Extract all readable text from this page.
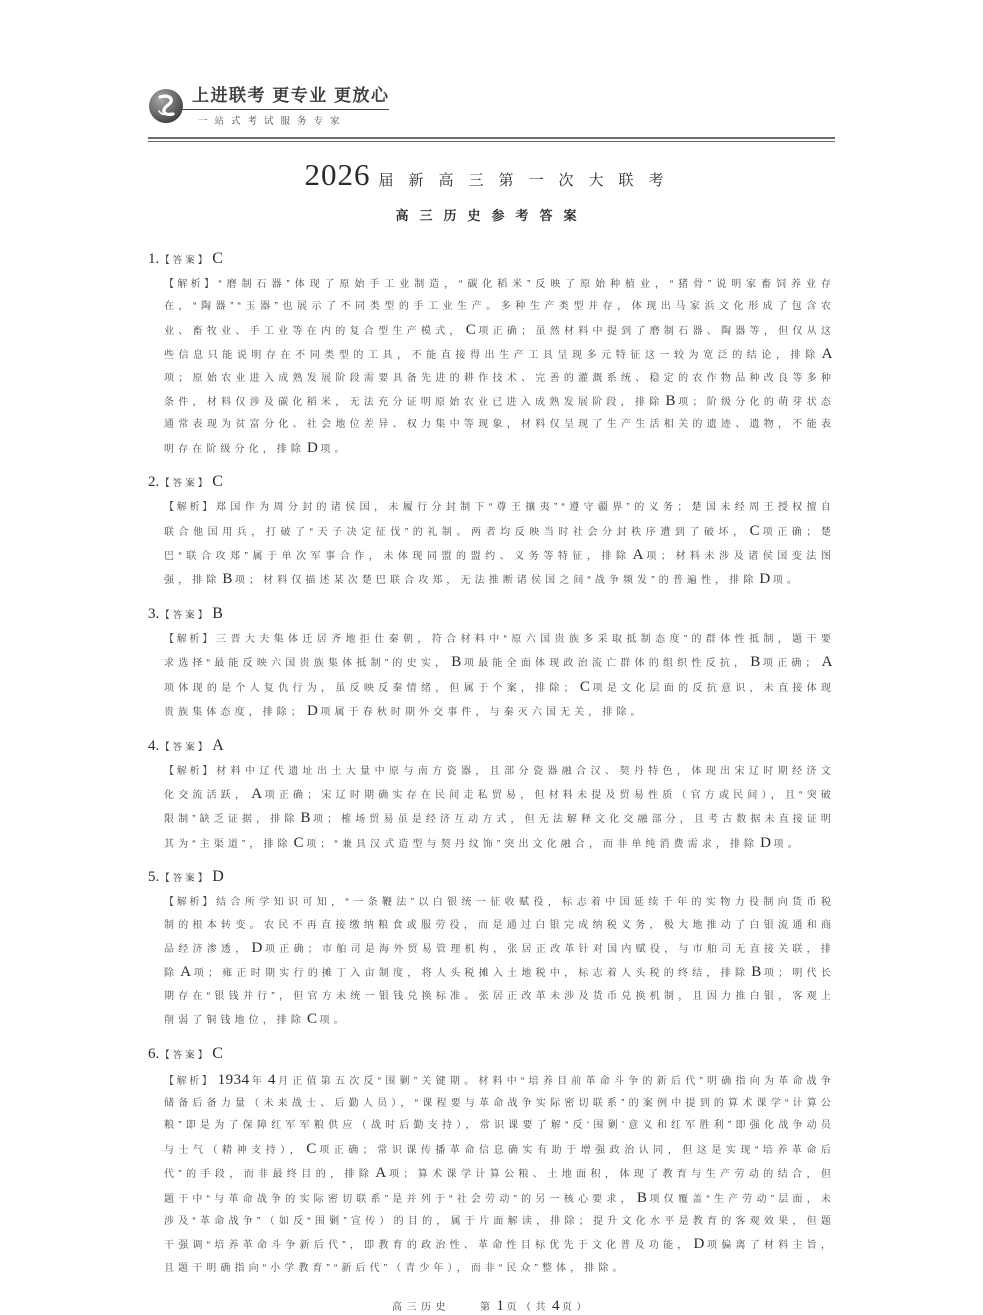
上进联考 更专业 更放心
一站式考试服务专家
2026 届新高三第一次大联考
高三历史参考答案
1. 【答案】 C

【解析】“磨制石器”体现了原始手工业制造，“碳化稻米”反映了原始种植业，“猪骨”说明家畜饲养业存在，“陶器”“玉器”也展示了不同类型的手工业生产。多种生产类型并存，体现出马家浜文化形成了包含农业、畜牧业、手工业等在内的复合型生产模式， C 项正确；虽然材料中提到了磨制石器、陶器等，但仅从这些信息只能说明存在不同类型的工具，不能直接得出生产工具呈现多元特征这一较为宽泛的结论，排除 A项；原始农业进入成熟发展阶段需要具备先进的耕作技术、完善的灌溉系统、稳定的农作物品种改良等多种条件，材料仅涉及碳化稻米，无法充分证明原始农业已进入成熟发展阶段，排除 B 项；阶级分化的萌芽状态通常表现为贫富分化、社会地位差异、权力集中等现象，材料仅呈现了生产生活相关的遗迹、遗物，不能表明存在阶级分化，排除 D 项。

2. 【答案】 C

【解析】郑国作为周分封的诸侯国，未履行分封制下“尊王攘夷”“遵守疆界”的义务；楚国未经周王授权擅自联合他国用兵，打破了“天子决定征伐”的礼制。两者均反映当时社会分封秩序遭到了破坏， C 项正确；楚巴“联合攻郑”属于单次军事合作，未体现同盟的盟约、义务等特征，排除 A 项；材料未涉及诸侯国变法图强，排除 B 项；材料仅描述某次楚巴联合攻郑，无法推断诸侯国之间“战争频发”的普遍性，排除 D 项。

3. 【答案】 B

【解析】三晋大夫集体迁居齐地拒仕秦朝，符合材料中“原六国贵族多采取抵制态度”的群体性抵制，题干要求选择“最能反映六国贵族集体抵制”的史实， B 项最能全面体现政治流亡群体的组织性反抗， B 项正确； A项体现的是个人复仇行为，虽反映反秦情绪，但属于个案，排除； C 项是文化层面的反抗意识，未直接体现贵族集体态度，排除； D 项属于春秋时期外交事件，与秦灭六国无关，排除。

4. 【答案】 A

【解析】材料中辽代遗址出土大量中原与南方瓷器，且部分瓷器融合汉、契丹特色，体现出宋辽时期经济文化交流活跃， A 项正确；宋辽时期确实存在民间走私贸易，但材料未提及贸易性质（官方或民间），且“突破限制”缺乏证据，排除 B 项；榷场贸易虽是经济互动方式，但无法解释文化交融部分，且考古数据未直接证明其为“主渠道”，排除 C 项；“兼具汉式造型与契丹纹饰”突出文化融合，而非单纯消费需求，排除 D 项。

5. 【答案】 D

【解析】结合所学知识可知，“一条鞭法”以白银统一征收赋役，标志着中国延续千年的实物力役制向货币税制的根本转变。农民不再直接缴纳粮食或服劳役，而是通过白银完成纳税义务，极大地推动了白银流通和商品经济渗透， D 项正确；市舶司是海外贸易管理机构，张居正改革针对国内赋役，与市舶司无直接关联，排除 A 项；雍正时期实行的摊丁入亩制度，将人头税摊入土地税中，标志着人头税的终结，排除 B 项；明代长期存在“银钱并行”，但官方未统一银钱兑换标准。张居正改革未涉及货币兑换机制，且因力推白银，客观上削弱了铜钱地位，排除 C 项。

6. 【答案】 C

【解析】 1934 年 4 月正值第五次反“围剿”关键期。材料中“培养目前革命斗争的新后代”明确指向为革命战争储备后备力量（未来战士、后勤人员），“课程要与革命战争实际密切联系”的案例中提到的算术课学“计算公粮”即是为了保障红军军粮供应（战时后勤支持），常识课要了解“反‘围剿’意义和红军胜利”即强化战争动员与士气（精神支持）， C 项正确；常识课传播革命信息确实有助于增强政治认同，但这是实现“培养革命后代”的手段，而非最终目的，排除 A 项；算术课学计算公粮、土地面积，体现了教育与生产劳动的结合，但题干中“与革命战争的实际密切联系”是并列于“社会劳动”的另一核心要求， B 项仅覆盖“生产劳动”层面，未涉及“革命战争”（如反“围剿”宣传）的目的，属于片面解读，排除；提升文化水平是教育的客观效果，但题干强调“培养革命斗争新后代”，即教育的政治性、革命性目标优先于文化普及功能， D 项偏离了材料主旨，且题干明确指向“小学教育”“新后代”（青少年），而非“民众”整体，排除。

高三历史	第 1 页（共 4 页）
